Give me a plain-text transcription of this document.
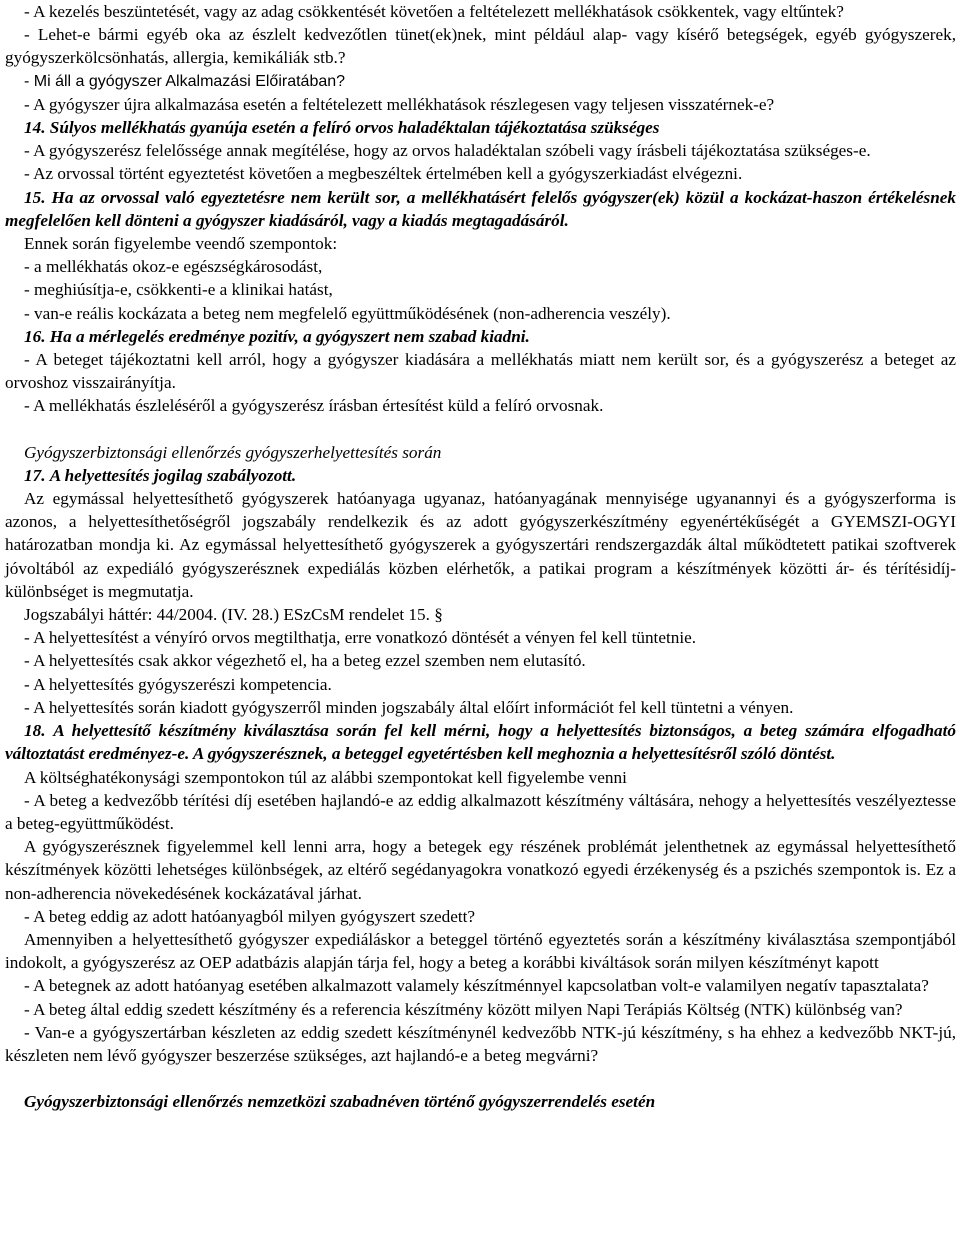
- A kezelés beszüntetését, vagy az adag csökkentését követően a feltételezett mellékhatások csökkentek, vagy eltűntek?

- Lehet-e bármi egyéb oka az észlelt kedvezőtlen tünet(ek)nek, mint például alap- vagy kísérő betegségek, egyéb gyógyszerek, gyógyszerkölcsönhatás, allergia, kemikáliák stb.?

- Mi áll a gyógyszer Alkalmazási Előiratában?

- A gyógyszer újra alkalmazása esetén a feltételezett mellékhatások részlegesen vagy teljesen visszatérnek-e?

14. Súlyos mellékhatás gyanúja esetén a felíró orvos haladéktalan tájékoztatása szükséges

- A gyógyszerész felelőssége annak megítélése, hogy az orvos haladéktalan szóbeli vagy írásbeli tájékoztatása szükséges-e.

- Az orvossal történt egyeztetést követően a megbeszéltek értelmében kell a gyógyszerkiadást elvégezni.

15. Ha az orvossal való egyeztetésre nem került sor, a mellékhatásért felelős gyógyszer(ek) közül a kockázat-haszon értékelésnek megfelelően kell dönteni a gyógyszer kiadásáról, vagy a kiadás megtagadásáról.

Ennek során figyelembe veendő szempontok:

- a mellékhatás okoz-e egészségkárosodást,

- meghiúsítja-e, csökkenti-e a klinikai hatást,

- van-e reális kockázata a beteg nem megfelelő együttműködésének (non-adherencia veszély).

16. Ha a mérlegelés eredménye pozitív, a gyógyszert nem szabad kiadni.

- A beteget tájékoztatni kell arról, hogy a gyógyszer kiadására a mellékhatás miatt nem került sor, és a gyógyszerész a beteget az orvoshoz visszairányítja.

- A mellékhatás észleléséről a gyógyszerész írásban értesítést küld a felíró orvosnak.

Gyógyszerbiztonsági ellenőrzés gyógyszerhelyettesítés során

17. A helyettesítés jogilag szabályozott.

Az egymással helyettesíthető gyógyszerek hatóanyaga ugyanaz, hatóanyagának mennyisége ugyanannyi és a gyógyszerforma is azonos, a helyettesíthetőségről jogszabály rendelkezik és az adott gyógyszerkészítmény egyenértékűségét a GYEMSZI-OGYI határozatban mondja ki. Az egymással helyettesíthető gyógyszerek a gyógyszertári rendszergazdák által működtetett patikai szoftverek jóvoltából az expediáló gyógyszerésznek expediálás közben elérhetők, a patikai program a készítmények közötti ár- és térítésidíj-különbséget is megmutatja.

Jogszabályi háttér: 44/2004. (IV. 28.) ESzCsM rendelet 15. §

- A helyettesítést a vényíró orvos megtilthatja, erre vonatkozó döntését a vényen fel kell tüntetnie.

- A helyettesítés csak akkor végezhető el, ha a beteg ezzel szemben nem elutasító.

- A helyettesítés gyógyszerészi kompetencia.

- A helyettesítés során kiadott gyógyszerről minden jogszabály által előírt információt fel kell tüntetni a vényen.

18. A helyettesítő készítmény kiválasztása során fel kell mérni, hogy a helyettesítés biztonságos, a beteg számára elfogadható változtatást eredményez-e. A gyógyszerésznek, a beteggel egyetértésben kell meghoznia a helyettesítésről szóló döntést.

A költséghatékonysági szempontokon túl az alábbi szempontokat kell figyelembe venni

- A beteg a kedvezőbb térítési díj esetében hajlandó-e az eddig alkalmazott készítmény váltására, nehogy a helyettesítés veszélyeztesse a beteg-együttműködést.

A gyógyszerésznek figyelemmel kell lenni arra, hogy a betegek egy részének problémát jelenthetnek az egymással helyettesíthető készítmények közötti lehetséges különbségek, az eltérő segédanyagokra vonatkozó egyedi érzékenység és a pszichés szempontok is. Ez a non-adherencia növekedésének kockázatával járhat.

- A beteg eddig az adott hatóanyagból milyen gyógyszert szedett?

Amennyiben a helyettesíthető gyógyszer expediáláskor a beteggel történő egyeztetés során a készítmény kiválasztása szempontjából indokolt, a gyógyszerész az OEP adatbázis alapján tárja fel, hogy a beteg a korábbi kiváltások során milyen készítményt kapott

- A betegnek az adott hatóanyag esetében alkalmazott valamely készítménnyel kapcsolatban volt-e valamilyen negatív tapasztalata?

- A beteg által eddig szedett készítmény és a referencia készítmény között milyen Napi Terápiás Költség (NTK) különbség van?

- Van-e a gyógyszertárban készleten az eddig szedett készítménynél kedvezőbb NTK-jú készítmény, s ha ehhez a kedvezőbb NKT-jú, készleten nem lévő gyógyszer beszerzése szükséges, azt hajlandó-e a beteg megvárni?

Gyógyszerbiztonsági ellenőrzés nemzetközi szabadnéven történő gyógyszerrendelés esetén
